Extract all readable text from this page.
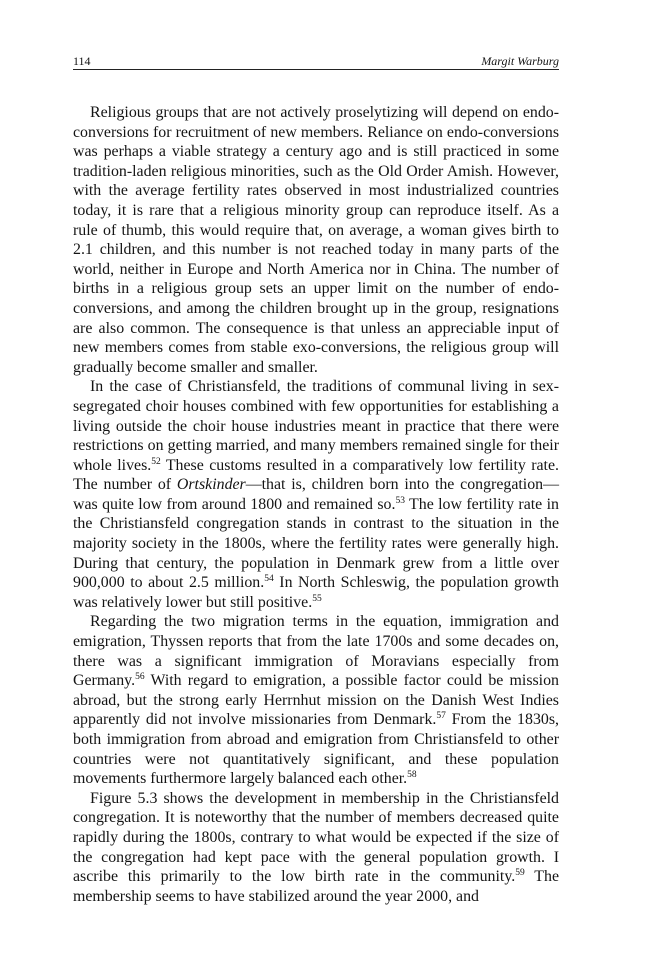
114	Margit Warburg

Religious groups that are not actively proselytizing will depend on endo-conversions for recruitment of new members. Reliance on endo-conversions was perhaps a viable strategy a century ago and is still practiced in some tradition-laden religious minorities, such as the Old Order Amish. However, with the average fertility rates observed in most industrialized countries today, it is rare that a religious minority group can reproduce itself. As a rule of thumb, this would require that, on average, a woman gives birth to 2.1 children, and this number is not reached today in many parts of the world, neither in Europe and North America nor in China. The number of births in a religious group sets an upper limit on the number of endo-conversions, and among the children brought up in the group, resignations are also common. The consequence is that unless an appreciable input of new members comes from stable exo-conversions, the religious group will gradually become smaller and smaller.

In the case of Christiansfeld, the traditions of communal living in sex-segregated choir houses combined with few opportunities for establishing a living outside the choir house industries meant in practice that there were restrictions on getting married, and many members remained single for their whole lives.$^{52}$ These customs resulted in a comparatively low fertility rate. The number of Ortskinder—that is, children born into the congregation—was quite low from around 1800 and remained so.$^{53}$ The low fertility rate in the Christiansfeld congregation stands in contrast to the situation in the majority society in the 1800s, where the fertility rates were generally high. During that century, the population in Denmark grew from a little over 900,000 to about 2.5 million.$^{54}$ In North Schleswig, the population growth was relatively lower but still positive.$^{55}$

Regarding the two migration terms in the equation, immigration and emigration, Thyssen reports that from the late 1700s and some decades on, there was a significant immigration of Moravians especially from Germany.$^{56}$ With regard to emigration, a possible factor could be mission abroad, but the strong early Herrnhut mission on the Danish West Indies apparently did not involve missionaries from Denmark.$^{57}$ From the 1830s, both immigration from abroad and emigration from Christiansfeld to other countries were not quantitatively significant, and these population movements furthermore largely balanced each other.$^{58}$

Figure 5.3 shows the development in membership in the Christiansfeld congregation. It is noteworthy that the number of members decreased quite rapidly during the 1800s, contrary to what would be expected if the size of the congregation had kept pace with the general population growth. I ascribe this primarily to the low birth rate in the community.$^{59}$ The membership seems to have stabilized around the year 2000, and
